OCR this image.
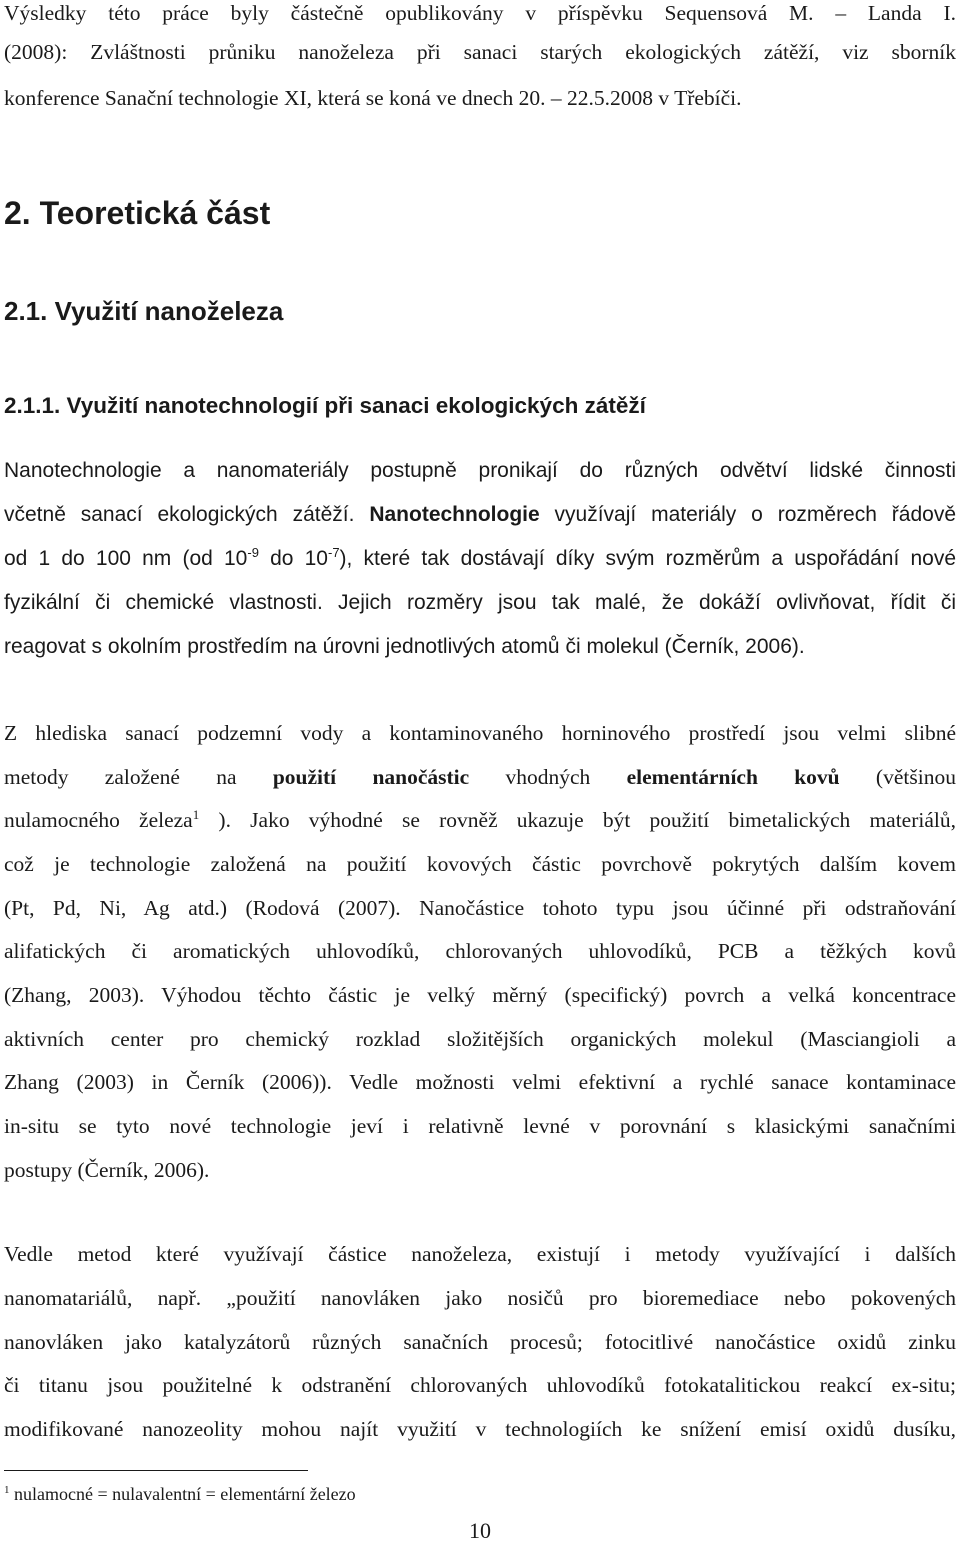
Výsledky této práce byly částečně opublikovány v příspěvku Sequensová M. – Landa I.
(2008): Zvláštnosti průniku nanoželeza při sanaci starých ekologických zátěží, viz sborník
konference Sanační technologie XI, která se koná ve dnech 20. – 22.5.2008 v Třebíči.
2. Teoretická část
2.1. Využití nanoželeza
2.1.1. Využití nanotechnologií při sanaci ekologických zátěží
Nanotechnologie a nanomateriály postupně pronikají do různých odvětví lidské činnosti
včetně sanací ekologických zátěží. Nanotechnologie využívají materiály o rozměrech řádově
od 1 do 100 nm (od $10^{-9}$ do $10^{-7}$), které tak dostávají díky svým rozměrům a uspořádání nové
fyzikální či chemické vlastnosti. Jejich rozměry jsou tak malé, že dokáží ovlivňovat, řídit či
reagovat s okolním prostředím na úrovni jednotlivých atomů či molekul (Černík, 2006).
Z hlediska sanací podzemní vody a kontaminovaného horninového prostředí jsou velmi slibné
metody založené na použití nanočástic vhodných elementárních kovů (většinou
nulamocného železa$^1$ ). Jako výhodné se rovněž ukazuje být použití bimetalických materiálů,
což je technologie založená na použití kovových částic povrchově pokrytých dalším kovem
(Pt, Pd, Ni, Ag atd.) (Rodová (2007). Nanočástice tohoto typu jsou účinné při odstraňování
alifatických či aromatických uhlovodíků, chlorovaných uhlovodíků, PCB a těžkých kovů
(Zhang, 2003). Výhodou těchto částic je velký měrný (specifický) povrch a velká koncentrace
aktivních center pro chemický rozklad složitějších organických molekul (Masciangioli a
Zhang (2003) in Černík (2006)). Vedle možnosti velmi efektivní a rychlé sanace kontaminace
in-situ se tyto nové technologie jeví i relativně levné v porovnání s klasickými sanačními
postupy (Černík, 2006).
Vedle metod které využívají částice nanoželeza, existují i metody využívající i dalších
nanomatariálů, např. „použití nanovláken jako nosičů pro bioremediace nebo pokovených
nanovláken jako katalyzátorů různých sanačních procesů; fotocitlivé nanočástice oxidů zinku
či titanu jsou použitelné k odstranění chlorovaných uhlovodíků fotokatalitickou reakcí ex-situ;
modifikované nanozeolity mohou najít využití v technologiích ke snížení emisí oxidů dusíku,
$^1$ nulamocné = nulavalentní = elementární železo
10
